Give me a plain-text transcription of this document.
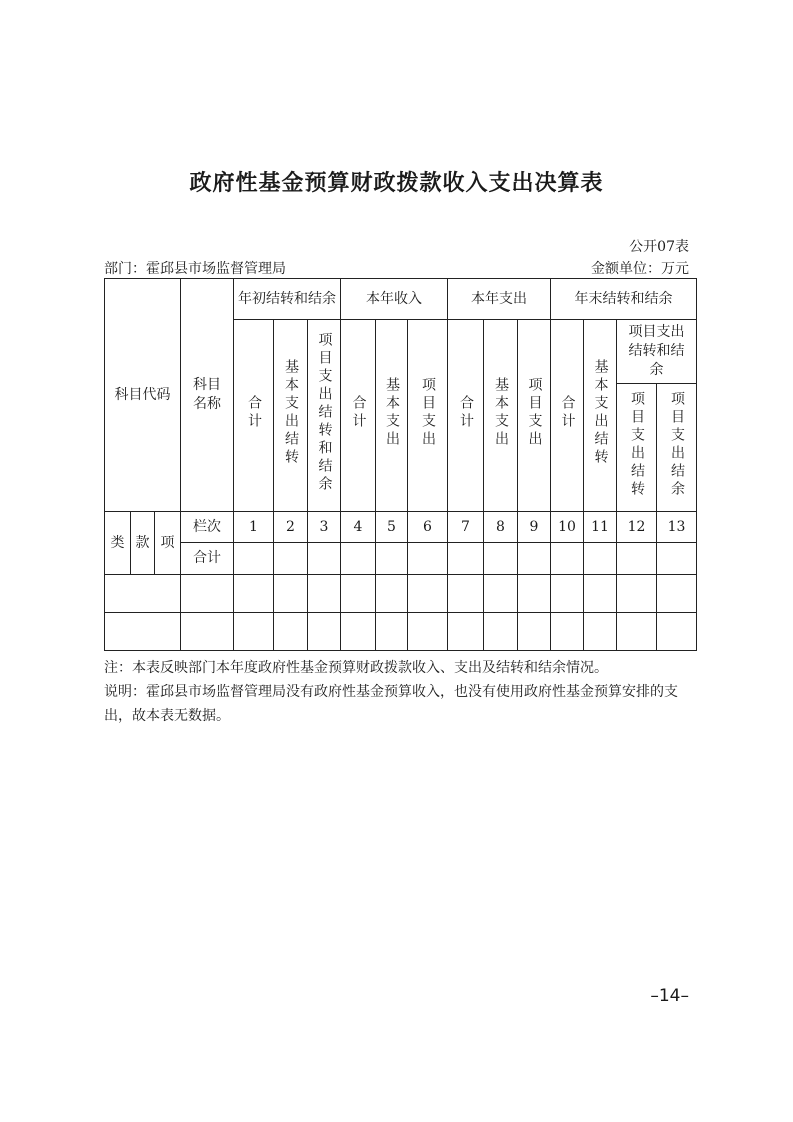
政府性基金预算财政拨款收入支出决算表
公开07表
部门：霍邱县市场监督管理局	金额单位：万元
科目代码			科目名称	年初结转和结余			本年收入			本年支出			年末结转和结余			
				合计	基本支出结转	项目支出结转和结余	合计	基本支出	项目支出	合计	基本支出	项目支出	合计	基本支出结转	项目支出结转和结余	
															项目支出结转	项目支出结余
类	款	项	栏次	1	2	3	4	5	6	7	8	9	10	11	12	13
			合计													

注：本表反映部门本年度政府性基金预算财政拨款收入、支出及结转和结余情况。
说明：霍邱县市场监督管理局没有政府性基金预算收入，也没有使用政府性基金预算安排的支出，故本表无数据。
–14–
